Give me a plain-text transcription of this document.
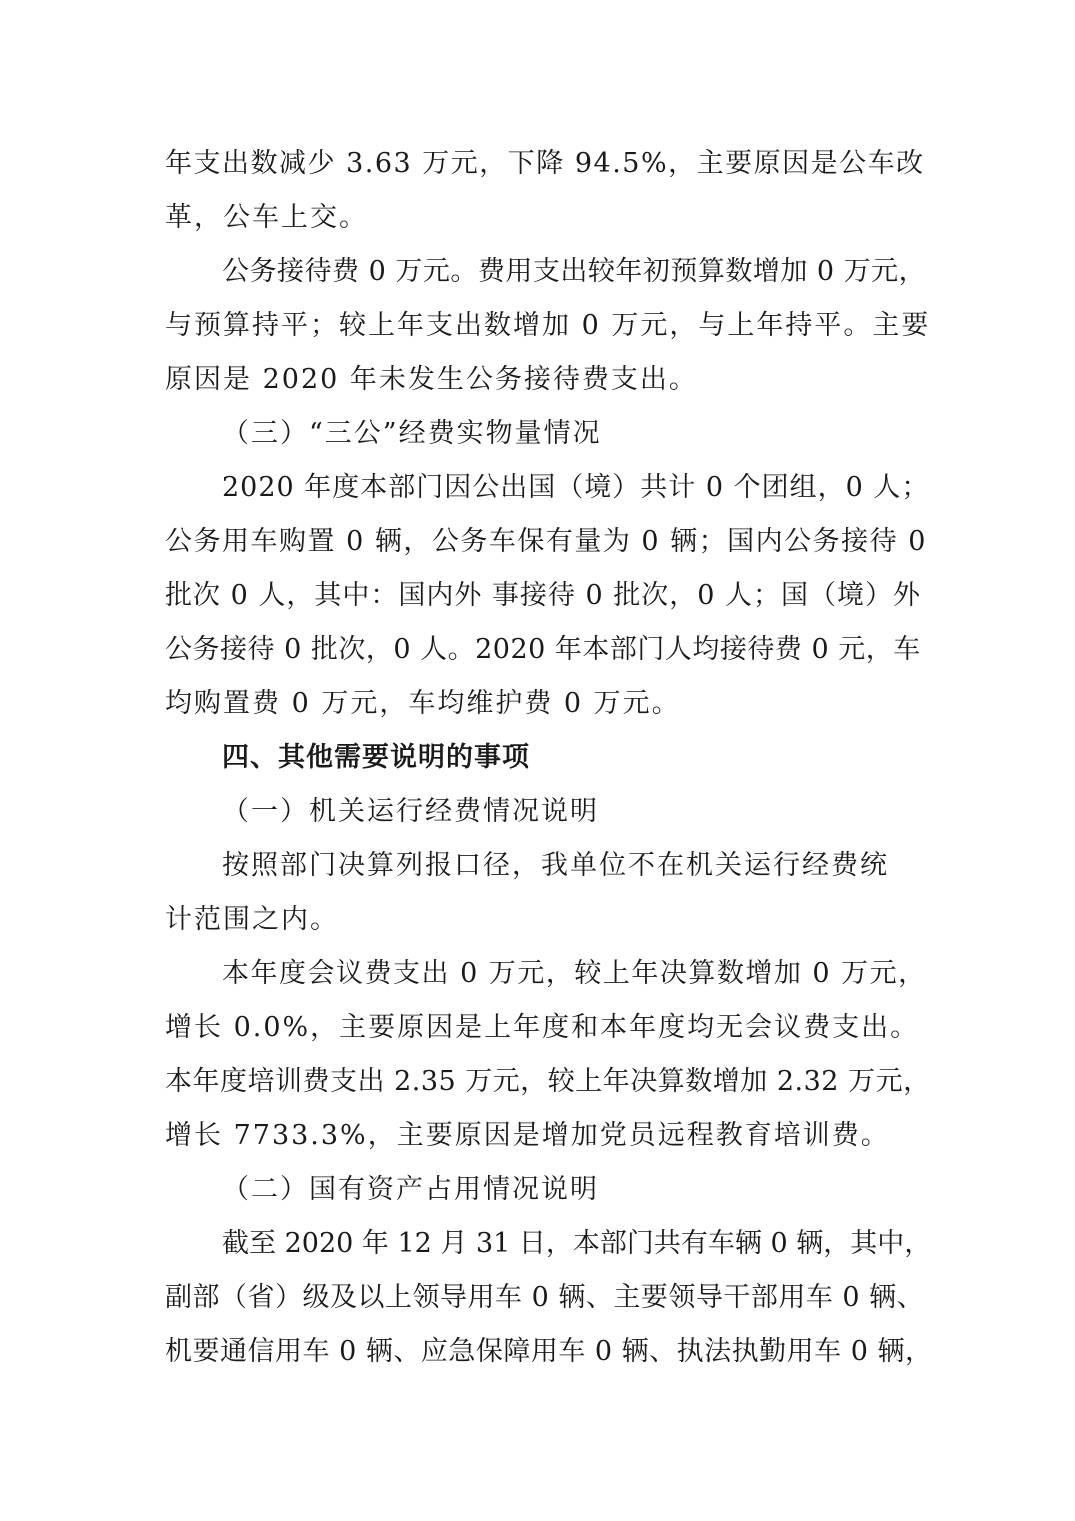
年支出数减少 3.63 万元，下降 94.5%，主要原因是公车改
革，公车上交。
公务接待费 0 万元。费用支出较年初预算数增加 0 万元，
与预算持平；较上年支出数增加 0 万元，与上年持平。主要
原因是 2020 年未发生公务接待费支出。
（三）“三公”经费实物量情况
2020 年度本部门因公出国（境）共计 0 个团组，0 人；
公务用车购置 0 辆，公务车保有量为 0 辆；国内公务接待 0
批次 0 人，其中：国内外 事接待 0 批次，0 人；国（境）外
公务接待 0 批次，0 人。2020 年本部门人均接待费 0 元，车
均购置费 0 万元，车均维护费 0 万元。
四、其他需要说明的事项
（一）机关运行经费情况说明
按照部门决算列报口径，我单位不在机关运行经费统
计范围之内。
本年度会议费支出 0 万元，较上年决算数增加 0 万元，
增长 0.0%，主要原因是上年度和本年度均无会议费支出。
本年度培训费支出 2.35 万元，较上年决算数增加 2.32 万元，
增长 7733.3%，主要原因是增加党员远程教育培训费。
（二）国有资产占用情况说明
截至 2020 年 12 月 31 日，本部门共有车辆 0 辆，其中，
副部（省）级及以上领导用车 0 辆、主要领导干部用车 0 辆、
机要通信用车 0 辆、应急保障用车 0 辆、执法执勤用车 0 辆，
